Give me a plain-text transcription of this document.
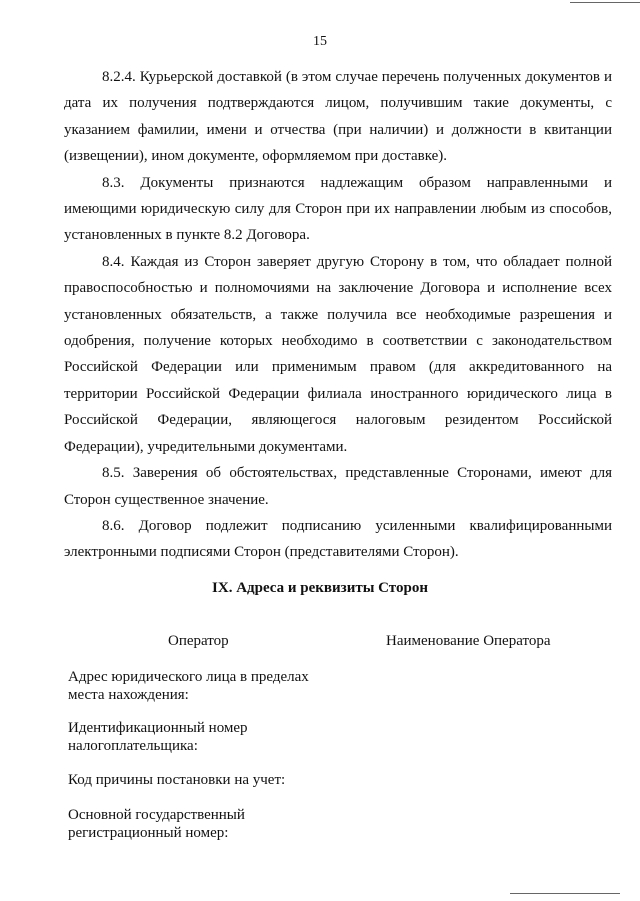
15

8.2.4. Курьерской доставкой (в этом случае перечень полученных документов и дата их получения подтверждаются лицом, получившим такие документы, с указанием фамилии, имени и отчества (при наличии) и должности в квитанции (извещении), ином документе, оформляемом при доставке).

8.3. Документы признаются надлежащим образом направленными и имеющими юридическую силу для Сторон при их направлении любым из способов, установленных в пункте 8.2 Договора.

8.4. Каждая из Сторон заверяет другую Сторону в том, что обладает полной правоспособностью и полномочиями на заключение Договора и исполнение всех установленных обязательств, а также получила все необходимые разрешения и одобрения, получение которых необходимо в соответствии с законодательством Российской Федерации или применимым правом (для аккредитованного на территории Российской Федерации филиала иностранного юридического лица в Российской Федерации, являющегося налоговым резидентом Российской Федерации), учредительными документами.

8.5. Заверения об обстоятельствах, представленные Сторонами, имеют для Сторон существенное значение.

8.6. Договор подлежит подписанию усиленными квалифицированными электронными подписями Сторон (представителями Сторон).

IX. Адреса и реквизиты Сторон
Оператор	Наименование Оператора
Адрес юридического лица в пределах места нахождения:
Идентификационный номер налогоплательщика:
Код причины постановки на учет:
Основной государственный регистрационный номер:
